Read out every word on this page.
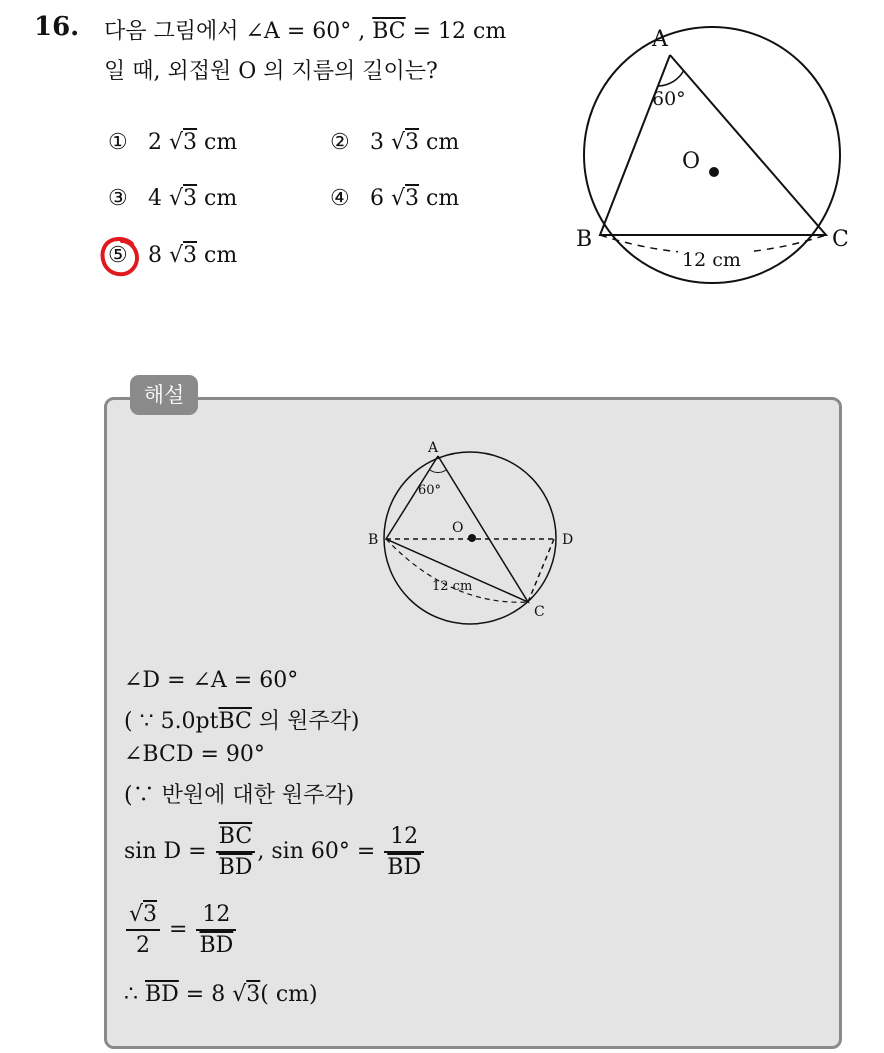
16. 다음 그림에서 ∠A = 60° , $\overline{BC} = 12$ cm
일 때, 외접원 O 의 지름의 길이는?
① 2 √3 cm	② 3 √3 cm
③ 4 √3 cm	④ 6 √3 cm
⑤ 8 √3 cm
A
B	C
O
60°
12 cm
해설
A
B
C
D
O
60°
12 cm
∠D = ∠A = 60°
( ∵ $5.0pt\overline{BC}$ 의 원주각)
∠BCD = 90°
(∵ 반원에 대한 원주각)
$\sin D = \frac{\overline{BC}}{BD}$ , $\sin 60^\circ = \frac{12}{BD}$
$\frac{√3}{2} = \frac{12}{BD}$
∴ $\overline{BD} = 8$ √3( cm)
